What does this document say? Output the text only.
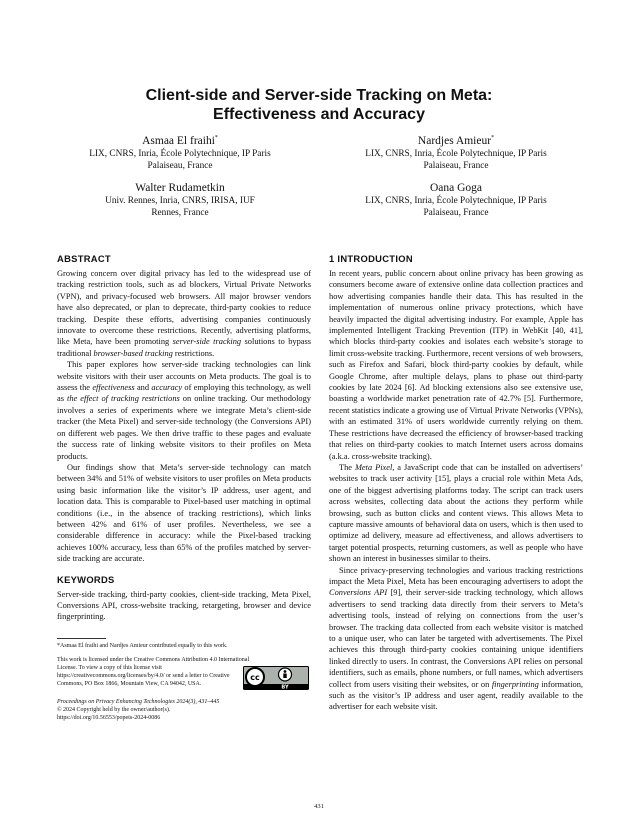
Client-side and Server-side Tracking on Meta:
Effectiveness and Accuracy
Asmaa El fraihi*
LIX, CNRS, Inria, École Polytechnique, IP Paris
Palaiseau, France
Nardjes Amieur*
LIX, CNRS, Inria, École Polytechnique, IP Paris
Palaiseau, France
Walter Rudametkin
Univ. Rennes, Inria, CNRS, IRISA, IUF
Rennes, France
Oana Goga
LIX, CNRS, Inria, École Polytechnique, IP Paris
Palaiseau, France
ABSTRACT

Growing concern over digital privacy has led to the widespread use of tracking restriction tools, such as ad blockers, Virtual Private Networks (VPN), and privacy-focused web browsers. All major browser vendors have also deprecated, or plan to deprecate, third-party cookies to reduce tracking. Despite these efforts, advertising companies continuously innovate to overcome these restrictions. Recently, advertising platforms, like Meta, have been promoting server-side tracking solutions to bypass traditional browser-based tracking restrictions.

This paper explores how server-side tracking technologies can link website visitors with their user accounts on Meta products. The goal is to assess the effectiveness and accuracy of employing this technology, as well as the effect of tracking restrictions on online tracking. Our methodology involves a series of experiments where we integrate Meta’s client-side tracker (the Meta Pixel) and server-side technology (the Conversions API) on different web pages. We then drive traffic to these pages and evaluate the success rate of linking website visitors to their profiles on Meta products.

Our findings show that Meta’s server-side technology can match between 34% and 51% of website visitors to user profiles on Meta products using basic information like the visitor’s IP address, user agent, and location data. This is comparable to Pixel-based user matching in optimal conditions (i.e., in the absence of tracking restrictions), which links between 42% and 61% of user profiles. Nevertheless, we see a considerable difference in accuracy: while the Pixel-based tracking achieves 100% accuracy, less than 65% of the profiles matched by server-side tracking are accurate.

KEYWORDS

Server-side tracking, third-party cookies, client-side tracking, Meta Pixel, Conversions API, cross-website tracking, retargeting, browser and device fingerprinting.

*Asmaa El fraihi and Nardjes Amieur contributed equally to this work.
This work is licensed under the Creative Commons Attribution 4.0 International License. To view a copy of this license visit https://creativecommons.org/licenses/by/4.0/ or send a letter to Creative Commons, PO Box 1866, Mountain View, CA 94042, USA.
Proceedings on Privacy Enhancing Technologies 2024(3), 431–445
© 2024 Copyright held by the owner/author(s).
https://doi.org/10.56553/popets-2024-0086
cc
BY
1 INTRODUCTION

In recent years, public concern about online privacy has been growing as consumers become aware of extensive online data collection practices and how advertising companies handle their data. This has resulted in the implementation of numerous online privacy protections, which have heavily impacted the digital advertising industry. For example, Apple has implemented Intelligent Tracking Prevention (ITP) in WebKit [40, 41], which blocks third-party cookies and isolates each website’s storage to limit cross-website tracking. Furthermore, recent versions of web browsers, such as Firefox and Safari, block third-party cookies by default, while Google Chrome, after multiple delays, plans to phase out third-party cookies by late 2024 [6]. Ad blocking extensions also see extensive use, boasting a worldwide market penetration rate of 42.7% [5]. Furthermore, recent statistics indicate a growing use of Virtual Private Networks (VPNs), with an estimated 31% of users worldwide currently relying on them. These restrictions have decreased the efficiency of browser-based tracking that relies on third-party cookies to match Internet users across domains (a.k.a. cross-website tracking).

The Meta Pixel, a JavaScript code that can be installed on advertisers’ websites to track user activity [15], plays a crucial role within Meta Ads, one of the biggest advertising platforms today. The script can track users across websites, collecting data about the actions they perform while browsing, such as button clicks and content views. This allows Meta to capture massive amounts of behavioral data on users, which is then used to optimize ad delivery, measure ad effectiveness, and allows advertisers to target potential prospects, returning customers, as well as people who have shown an interest in businesses similar to theirs.

Since privacy-preserving technologies and various tracking restrictions impact the Meta Pixel, Meta has been encouraging advertisers to adopt the Conversions API [9], their server-side tracking technology, which allows advertisers to send tracking data directly from their servers to Meta’s advertising tools, instead of relying on connections from the user’s browser. The tracking data collected from each website visitor is matched to a unique user, who can later be targeted with advertisements. The Pixel achieves this through third-party cookies containing unique identifiers linked directly to users. In contrast, the Conversions API relies on personal identifiers, such as emails, phone numbers, or full names, which advertisers collect from users visiting their websites, or on fingerprinting information, such as the visitor’s IP address and user agent, readily available to the advertiser for each website visit.

431
